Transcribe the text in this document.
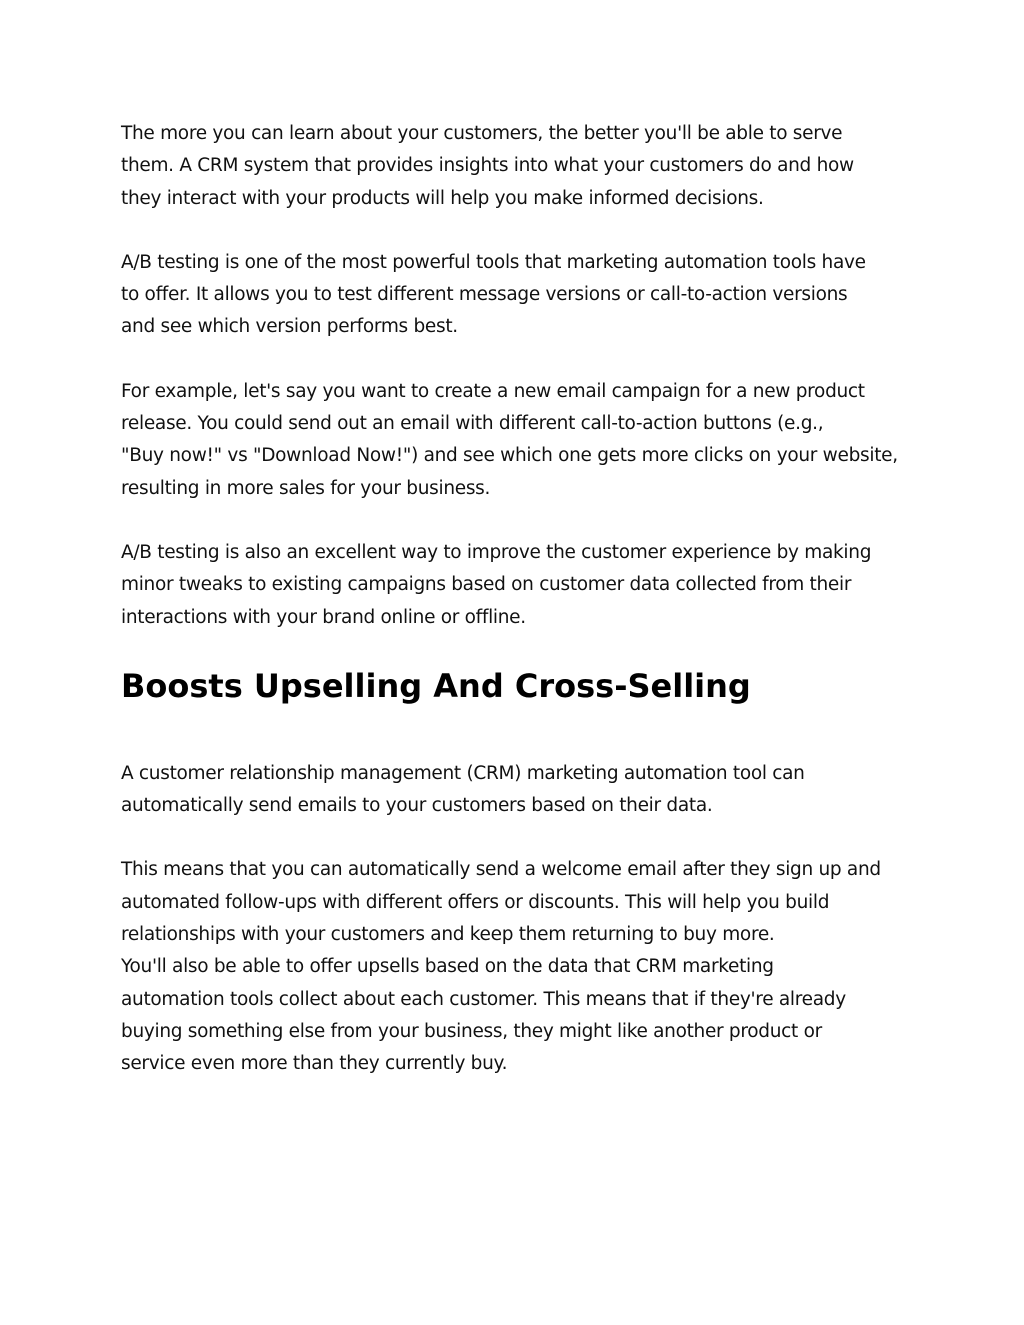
The more you can learn about your customers, the better you'll be able to serve
them. A CRM system that provides insights into what your customers do and how
they interact with your products will help you make informed decisions.

A/B testing is one of the most powerful tools that marketing automation tools have
to offer. It allows you to test different message versions or call-to-action versions
and see which version performs best.

For example, let's say you want to create a new email campaign for a new product
release. You could send out an email with different call-to-action buttons (e.g.,
"Buy now!" vs "Download Now!") and see which one gets more clicks on your website,
resulting in more sales for your business.

A/B testing is also an excellent way to improve the customer experience by making
minor tweaks to existing campaigns based on customer data collected from their
interactions with your brand online or offline.

Boosts Upselling And Cross-Selling

A customer relationship management (CRM) marketing automation tool can
automatically send emails to your customers based on their data.

This means that you can automatically send a welcome email after they sign up and
automated follow-ups with different offers or discounts. This will help you build
relationships with your customers and keep them returning to buy more.
You'll also be able to offer upsells based on the data that CRM marketing
automation tools collect about each customer. This means that if they're already
buying something else from your business, they might like another product or
service even more than they currently buy.
